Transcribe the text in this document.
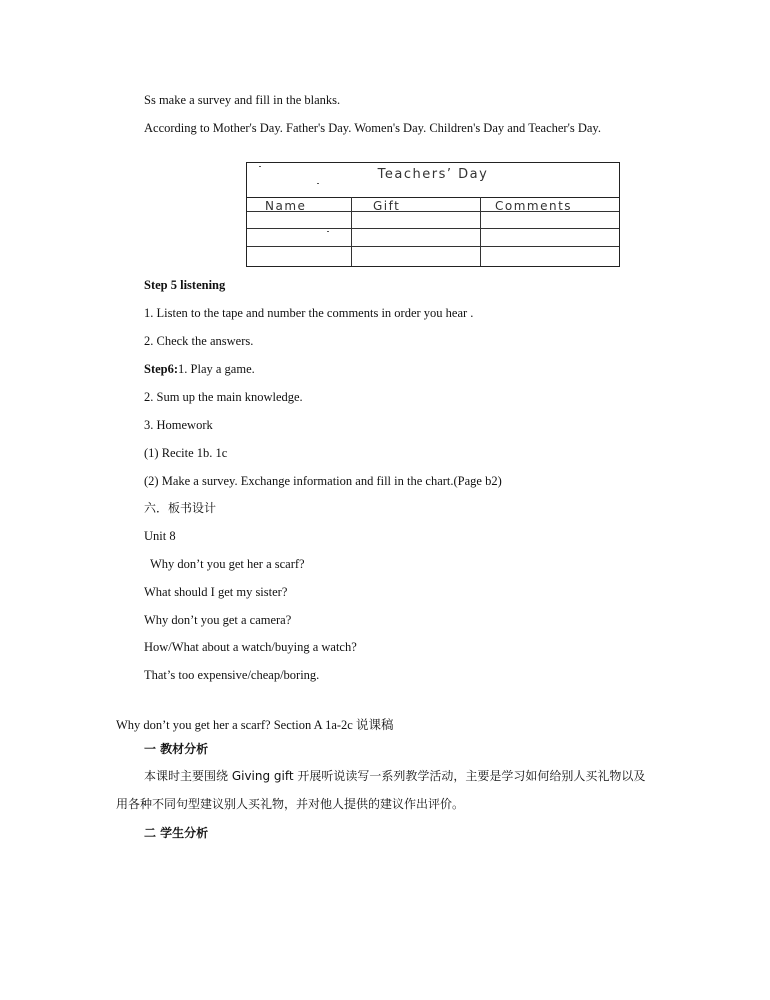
Ss make a survey and fill in the blanks.
According to Mother's Day. Father's Day. Women's Day. Children's Day and Teacher's Day.
Teachers’ Day
Name	Gift	Comments
Step 5 listening
1. Listen to the tape and number the comments in order you hear .
2. Check the answers.
Step6:1. Play a game.
2. Sum up the main knowledge.
3. Homework
(1) Recite 1b. 1c
(2) Make a survey. Exchange information and fill in the chart.(Page b2)
六．板书设计
Unit 8
Why don’t you get her a scarf?
What should I get my sister?
Why don’t you get a camera?
How/What about a watch/buying a watch?
That’s too expensive/cheap/boring.
Why don’t you get her a scarf? Section A 1a-2c 说课稿
一 教材分析
本课时主要围绕 Giving gift 开展听说读写一系列教学活动，主要是学习如何给别人买礼物以及用各种不同句型建议别人买礼物，并对他人提供的建议作出评价。
二 学生分析
